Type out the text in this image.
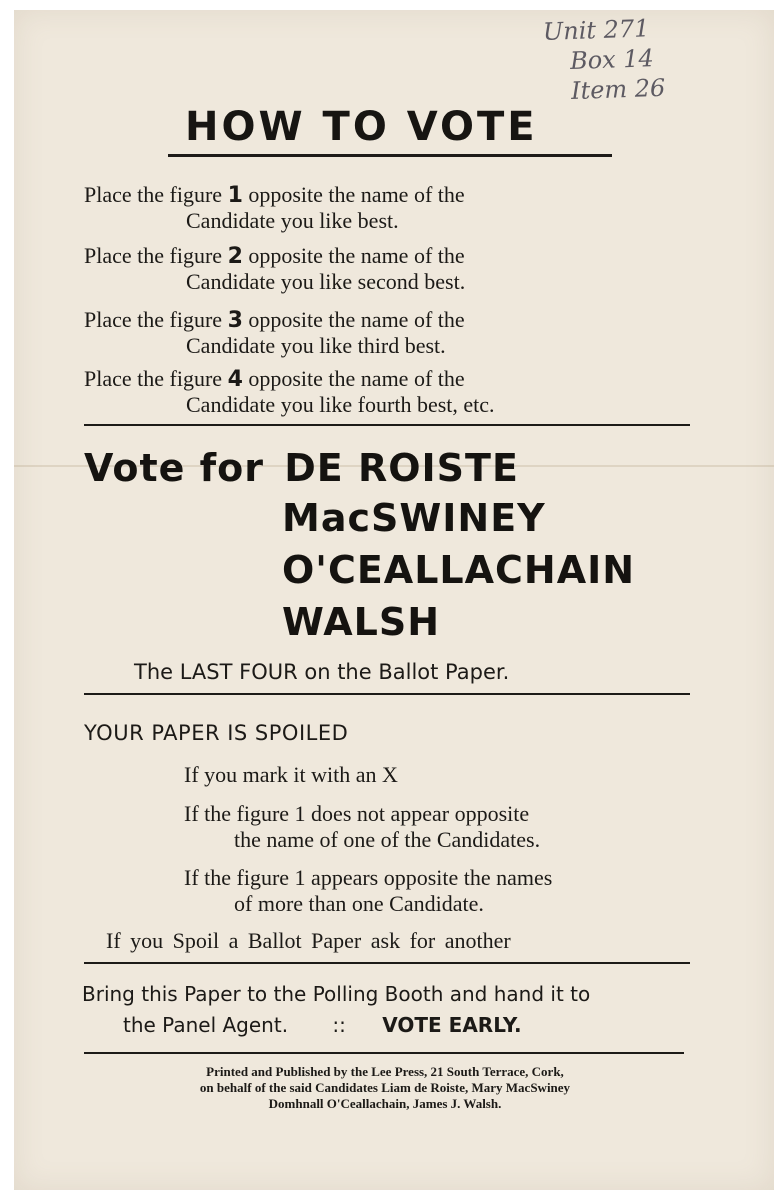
Unit 271
Box 14
Item 26
HOW TO VOTE
Place the figure 1 opposite the name of the
Candidate you like best.
Place the figure 2 opposite the name of the
Candidate you like second best.
Place the figure 3 opposite the name of the
Candidate you like third best.
Place the figure 4 opposite the name of the
Candidate you like fourth best, etc.
Vote for DE ROISTE
MacSWINEY
O'CEALLACHAIN
WALSH
The LAST FOUR on the Ballot Paper.
YOUR PAPER IS SPOILED
If you mark it with an X
If the figure 1 does not appear opposite
the name of one of the Candidates.
If the figure 1 appears opposite the names
of more than one Candidate.
If you Spoil a Ballot Paper ask for another
Bring this Paper to the Polling Booth and hand it to
the Panel Agent. :: VOTE EARLY.
Printed and Published by the Lee Press, 21 South Terrace, Cork,
on behalf of the said Candidates Liam de Roiste, Mary MacSwiney
Domhnall O'Ceallachain, James J. Walsh.
